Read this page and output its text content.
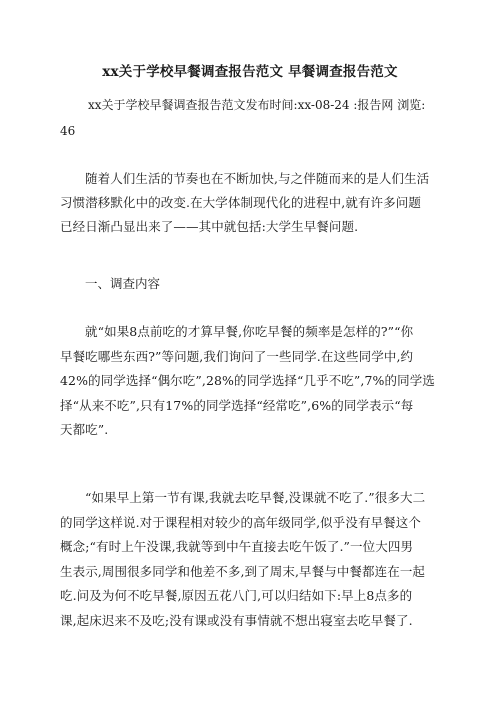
xx关于学校早餐调查报告范文 早餐调查报告范文
xx关于学校早餐调查报告范文发布时间:xx-08-24 :报告网 浏览:
46
随着人们生活的节奏也在不断加快,与之伴随而来的是人们生活
习惯潜移默化中的改变.在大学体制现代化的进程中,就有许多问题
已经日渐凸显出来了——其中就包括:大学生早餐问题.
一、调查内容
就“如果8点前吃的才算早餐,你吃早餐的频率是怎样的?”“你
早餐吃哪些东西?”等问题,我们询问了一些同学.在这些同学中,约
42%的同学选择“偶尔吃”,28%的同学选择“几乎不吃”,7%的同学选
择“从来不吃”,只有17%的同学选择“经常吃”,6%的同学表示“每
天都吃”.
“如果早上第一节有课,我就去吃早餐,没课就不吃了.”很多大二
的同学这样说.对于课程相对较少的高年级同学,似乎没有早餐这个
概念;“有时上午没课,我就等到中午直接去吃午饭了.”一位大四男
生表示,周围很多同学和他差不多,到了周末,早餐与中餐都连在一起
吃.问及为何不吃早餐,原因五花八门,可以归结如下:早上8点多的
课,起床迟来不及吃;没有课或没有事情就不想出寝室去吃早餐了.
